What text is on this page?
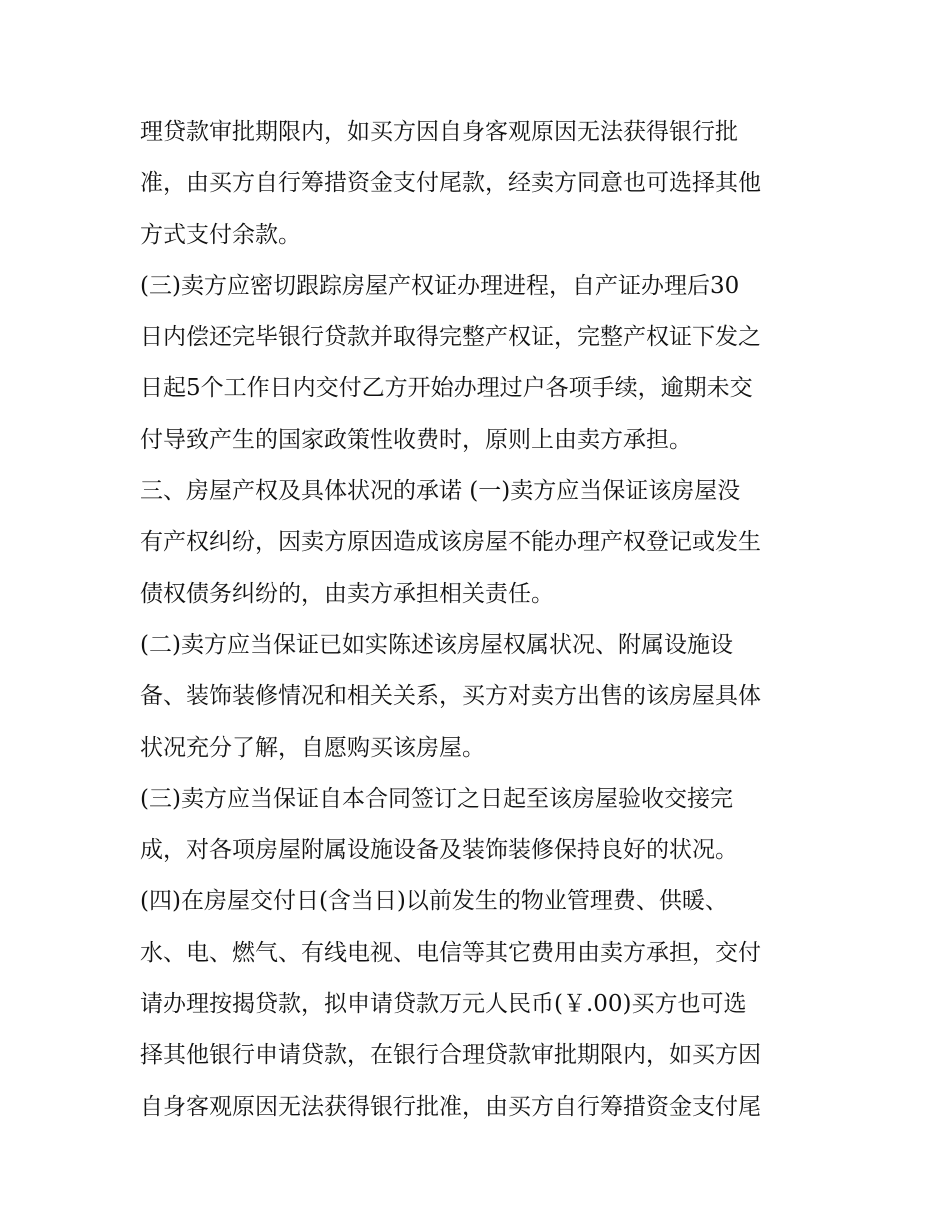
理贷款审批期限内，如买方因自身客观原因无法获得银行批
准，由买方自行筹措资金支付尾款，经卖方同意也可选择其他
方式支付余款。
(三)卖方应密切跟踪房屋产权证办理进程，自产证办理后30
日内偿还完毕银行贷款并取得完整产权证，完整产权证下发之
日起5个工作日内交付乙方开始办理过户各项手续，逾期未交
付导致产生的国家政策性收费时，原则上由卖方承担。
三、房屋产权及具体状况的承诺 (一)卖方应当保证该房屋没
有产权纠纷，因卖方原因造成该房屋不能办理产权登记或发生
债权债务纠纷的，由卖方承担相关责任。
(二)卖方应当保证已如实陈述该房屋权属状况、附属设施设
备、装饰装修情况和相关关系，买方对卖方出售的该房屋具体
状况充分了解，自愿购买该房屋。
(三)卖方应当保证自本合同签订之日起至该房屋验收交接完
成，对各项房屋附属设施设备及装饰装修保持良好的状况。
(四)在房屋交付日(含当日)以前发生的物业管理费、供暖、
水、电、燃气、有线电视、电信等其它费用由卖方承担，交付
请办理按揭贷款，拟申请贷款万元人民币(￥.00)买方也可选
择其他银行申请贷款，在银行合理贷款审批期限内，如买方因
自身客观原因无法获得银行批准，由买方自行筹措资金支付尾
